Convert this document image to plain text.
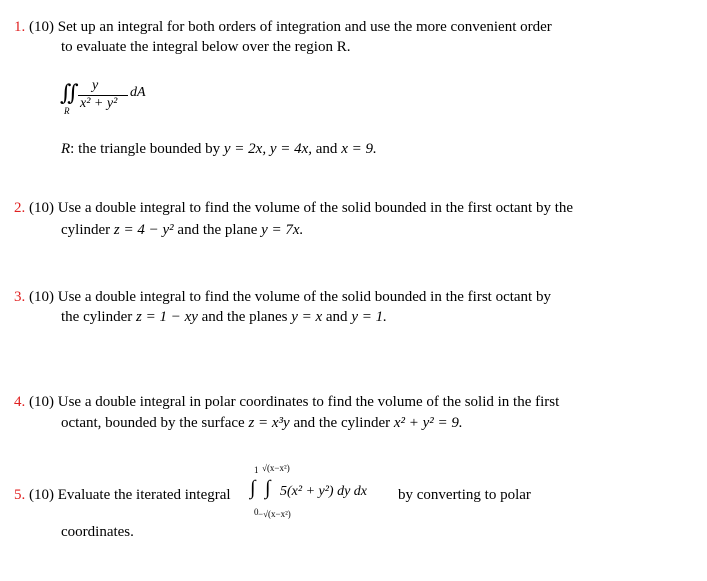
1. (10) Set up an integral for both orders of integration and use the more convenient order
to evaluate the integral below over the region R.
∬
R
y
x² + y²
dA
R: the triangle bounded by y = 2x, y = 4x, and x = 9.
2. (10) Use a double integral to find the volume of the solid bounded in the first octant by the
cylinder z = 4 − y² and the plane y = 7x.
3. (10) Use a double integral to find the volume of the solid bounded in the first octant by
the cylinder z = 1 − xy and the planes y = x and y = 1.
4. (10) Use a double integral in polar coordinates to find the volume of the solid in the first
octant, bounded by the surface z = x³y and the cylinder x² + y² = 9.
5. (10) Evaluate the iterated integral
1
∫
0
√(x−x²)
∫
−√(x−x²)
5(x² + y²) dy dx by converting to polar
coordinates.
